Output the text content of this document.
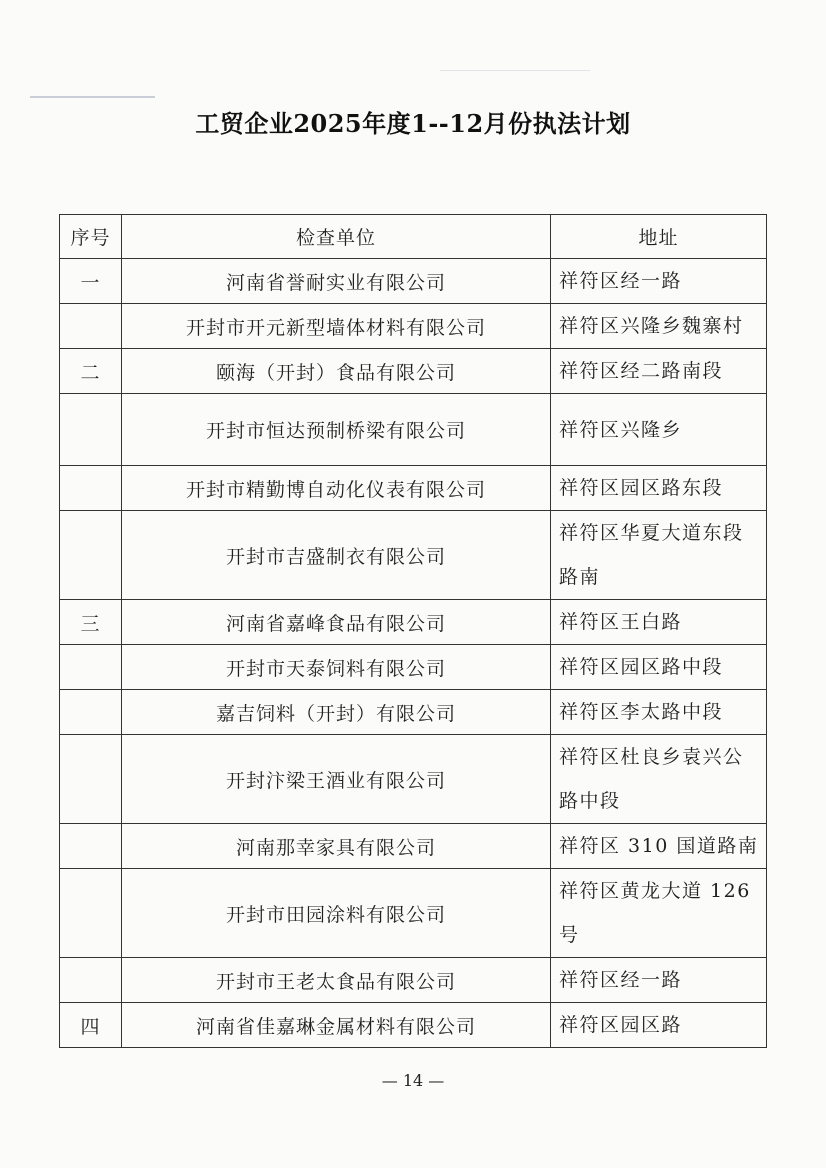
工贸企业2025年度1--12月份执法计划
序号	检查单位	地址
一	河南省誉耐实业有限公司	祥符区经一路
	开封市开元新型墙体材料有限公司	祥符区兴隆乡魏寨村
二	颐海（开封）食品有限公司	祥符区经二路南段
	开封市恒达预制桥梁有限公司	祥符区兴隆乡
	开封市精勤博自动化仪表有限公司	祥符区园区路东段
	开封市吉盛制衣有限公司	祥符区华夏大道东段路南
三	河南省嘉峰食品有限公司	祥符区王白路
	开封市天泰饲料有限公司	祥符区园区路中段
	嘉吉饲料（开封）有限公司	祥符区李太路中段
	开封汴梁王酒业有限公司	祥符区杜良乡袁兴公路中段
	河南那幸家具有限公司	祥符区 310 国道路南
	开封市田园涂料有限公司	祥符区黄龙大道 126 号
	开封市王老太食品有限公司	祥符区经一路
四	河南省佳嘉琳金属材料有限公司	祥符区园区路
— 14 —
